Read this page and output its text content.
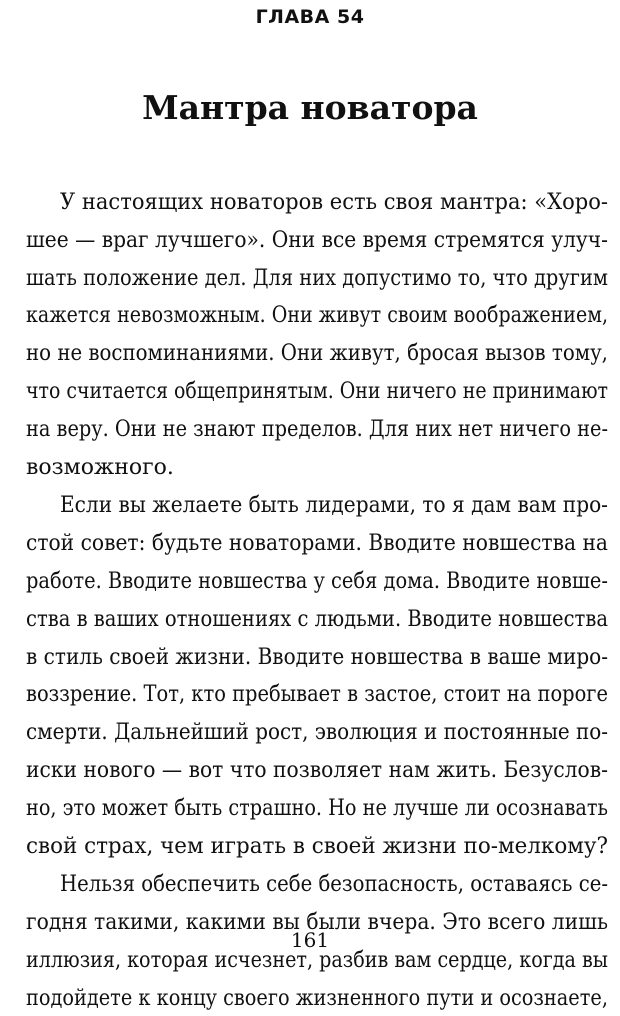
ГЛАВА 54
Мантра новатора
У настоящих новаторов есть своя мантра: «Хоро-
шее — враг лучшего». Они все время стремятся улуч-
шать положение дел. Для них допустимо то, что другим
кажется невозможным. Они живут своим воображением,
но не воспоминаниями. Они живут, бросая вызов тому,
что считается общепринятым. Они ничего не принимают
на веру. Они не знают пределов. Для них нет ничего не-
возможного.
Если вы желаете быть лидерами, то я дам вам про-
стой совет: будьте новаторами. Вводите новшества на
работе. Вводите новшества у себя дома. Вводите новше-
ства в ваших отношениях с людьми. Вводите новшества
в стиль своей жизни. Вводите новшества в ваше миро-
воззрение. Тот, кто пребывает в застое, стоит на пороге
смерти. Дальнейший рост, эволюция и постоянные по-
иски нового — вот что позволяет нам жить. Безуслов-
но, это может быть страшно. Но не лучше ли осознавать
свой страх, чем играть в своей жизни по-мелкому?
Нельзя обеспечить себе безопасность, оставаясь се-
годня такими, какими вы были вчера. Это всего лишь
иллюзия, которая исчезнет, разбив вам сердце, когда вы
подойдете к концу своего жизненного пути и осознаете,
161
